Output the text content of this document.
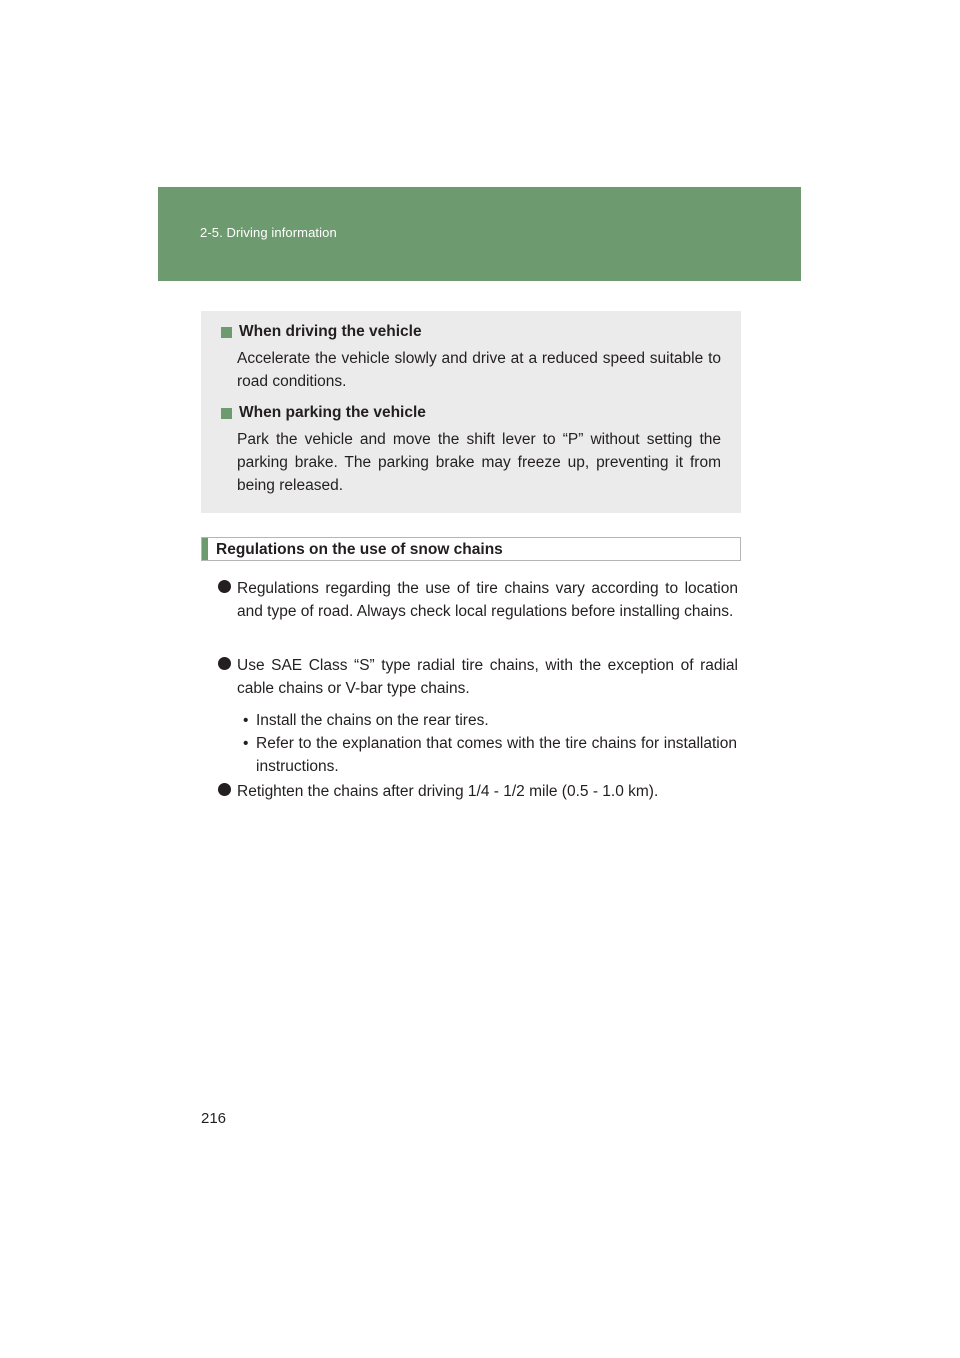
2-5. Driving information
When driving the vehicle
Accelerate the vehicle slowly and drive at a reduced speed suitable to road conditions.
When parking the vehicle
Park the vehicle and move the shift lever to “P” without setting the parking brake. The parking brake may freeze up, preventing it from being released.
Regulations on the use of snow chains
Regulations regarding the use of tire chains vary according to location and type of road. Always check local regulations before installing chains.
Use SAE Class “S” type radial tire chains, with the exception of radial cable chains or V-bar type chains.
• Install the chains on the rear tires.
• Refer to the explanation that comes with the tire chains for installation instructions.
Retighten the chains after driving 1/4 - 1/2 mile (0.5 - 1.0 km).
216
